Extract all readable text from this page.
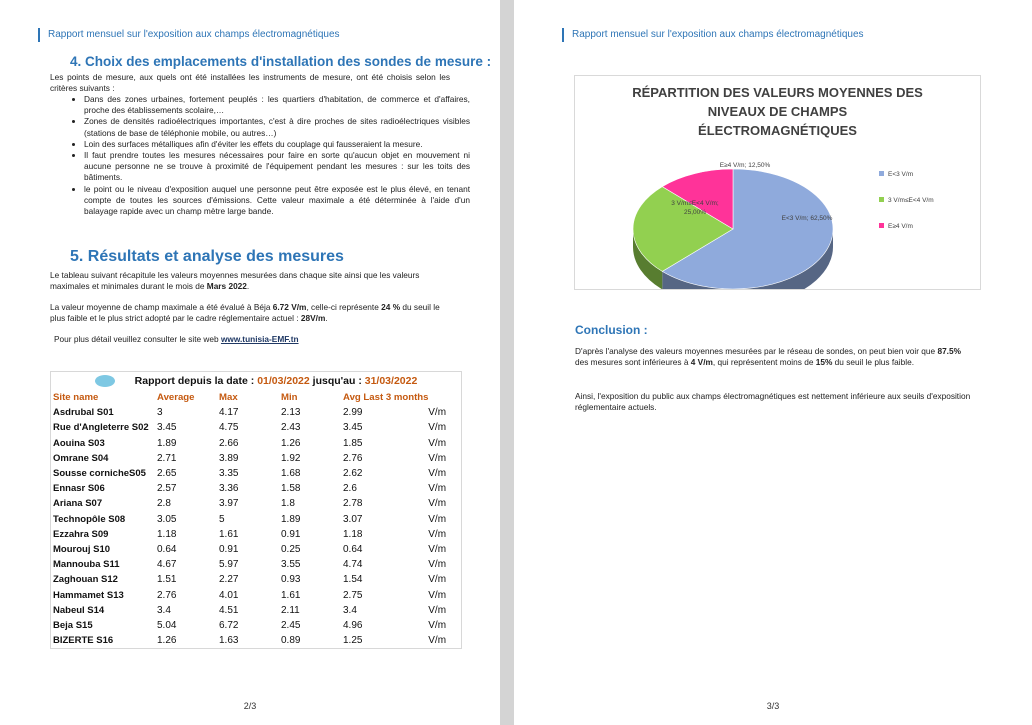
Rapport mensuel sur l'exposition aux champs électromagnétiques
4. Choix des emplacements d'installation des sondes de mesure :
Les points de mesure, aux quels ont été installées les instruments de mesure, ont été choisis selon les critères suivants :
• Dans des zones urbaines, fortement peuplés : les quartiers d'habitation, de commerce et d'affaires, proche des établissements scolaire,…
• Zones de densités radioélectriques importantes, c'est à dire proches de sites radioélectriques visibles (stations de base de téléphonie mobile, ou autres…)
• Loin des surfaces métalliques afin d'éviter les effets du couplage qui fausseraient la mesure.
• Il faut prendre toutes les mesures nécessaires pour faire en sorte qu'aucun objet en mouvement ni aucune personne ne se trouve à proximité de l'équipement pendant les mesures : sur les toits des bâtiments.
• le point ou le niveau d'exposition auquel une personne peut être exposée est le plus élevé, en tenant compte de toutes les sources d'émissions. Cette valeur maximale a été déterminée à l'aide d'un balayage rapide avec un champ mètre large bande.
5. Résultats et analyse des mesures
Le tableau suivant récapitule les valeurs moyennes mesurées dans chaque site ainsi que les valeurs maximales et minimales durant le mois de Mars 2022.
La valeur moyenne de champ maximale a été évalué à Béja 6.72 V/m, celle-ci représente 24 % du seuil le plus faible et le plus strict adopté par le cadre réglementaire actuel : 28V/m.
Pour plus détail veuillez consulter le site web www.tunisia-EMF.tn
Rapport depuis la date : 01/03/2022 jusqu'au : 31/03/2022					
Site name	Average	Max	Min	Avg Last 3 months	
Asdrubal S01	3	4.17	2.13	2.99	V/m
Rue d'Angleterre S02	3.45	4.75	2.43	3.45	V/m
Aouina S03	1.89	2.66	1.26	1.85	V/m
Omrane S04	2.71	3.89	1.92	2.76	V/m
Sousse cornicheS05	2.65	3.35	1.68	2.62	V/m
Ennasr S06	2.57	3.36	1.58	2.6	V/m
Ariana S07	2.8	3.97	1.8	2.78	V/m
Technopôle S08	3.05	5	1.89	3.07	V/m
Ezzahra S09	1.18	1.61	0.91	1.18	V/m
Mourouj S10	0.64	0.91	0.25	0.64	V/m
Mannouba S11	4.67	5.97	3.55	4.74	V/m
Zaghouan S12	1.51	2.27	0.93	1.54	V/m
Hammamet S13	2.76	4.01	1.61	2.75	V/m
Nabeul S14	3.4	4.51	2.11	3.4	V/m
Beja S15	5.04	6.72	2.45	4.96	V/m
BIZERTE S16	1.26	1.63	0.89	1.25	V/m
2/3
Rapport mensuel sur l'exposition aux champs électromagnétiques
RÉPARTITION DES VALEURS MOYENNES DES
NIVEAUX DE CHAMPS
ÉLECTROMAGNÉTIQUES
E<3 V/m; 62,50%
3 V/m≤E<4 V/m; 25,00%
E≥4 V/m; 12,50%
E<3 V/m
3 V/m≤E<4 V/m
E≥4 V/m
Conclusion :
D'après l'analyse des valeurs moyennes mesurées par le réseau de sondes, on peut bien voir que 87.5% des mesures sont inférieures à 4 V/m, qui représentent moins de 15% du seuil le plus faible.
Ainsi, l'exposition du public aux champs électromagnétiques est nettement inférieure aux seuils d'exposition réglementaire actuels.
3/3
